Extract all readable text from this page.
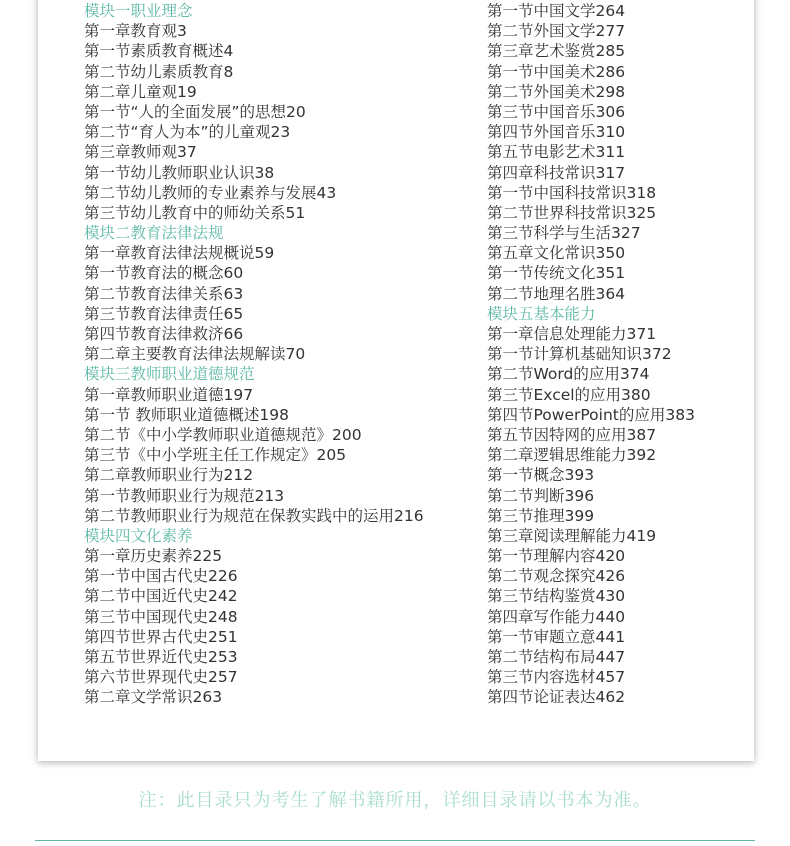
模块一职业理念
第一章教育观3
第一节素质教育概述4
第二节幼儿素质教育8
第二章儿童观19
第一节“人的全面发展”的思想20
第二节“育人为本”的儿童观23
第三章教师观37
第一节幼儿教师职业认识38
第二节幼儿教师的专业素养与发展43
第三节幼儿教育中的师幼关系51
模块二教育法律法规
第一章教育法律法规概说59
第一节教育法的概念60
第二节教育法律关系63
第三节教育法律责任65
第四节教育法律救济66
第二章主要教育法律法规解读70
模块三教师职业道德规范
第一章教师职业道德197
第一节 教师职业道德概述198
第二节《中小学教师职业道德规范》200
第三节《中小学班主任工作规定》205
第二章教师职业行为212
第一节教师职业行为规范213
第二节教师职业行为规范在保教实践中的运用216
模块四文化素养
第一章历史素养225
第一节中国古代史226
第二节中国近代史242
第三节中国现代史248
第四节世界古代史251
第五节世界近代史253
第六节世界现代史257
第二章文学常识263
第一节中国文学264
第二节外国文学277
第三章艺术鉴赏285
第一节中国美术286
第二节外国美术298
第三节中国音乐306
第四节外国音乐310
第五节电影艺术311
第四章科技常识317
第一节中国科技常识318
第二节世界科技常识325
第三节科学与生活327
第五章文化常识350
第一节传统文化351
第二节地理名胜364
模块五基本能力
第一章信息处理能力371
第一节计算机基础知识372
第二节Word的应用374
第三节Excel的应用380
第四节PowerPoint的应用383
第五节因特网的应用387
第二章逻辑思维能力392
第一节概念393
第二节判断396
第三节推理399
第三章阅读理解能力419
第一节理解内容420
第二节观念探究426
第三节结构鉴赏430
第四章写作能力440
第一节审题立意441
第二节结构布局447
第三节内容选材457
第四节论证表达462
注：此目录只为考生了解书籍所用，详细目录请以书本为准。
